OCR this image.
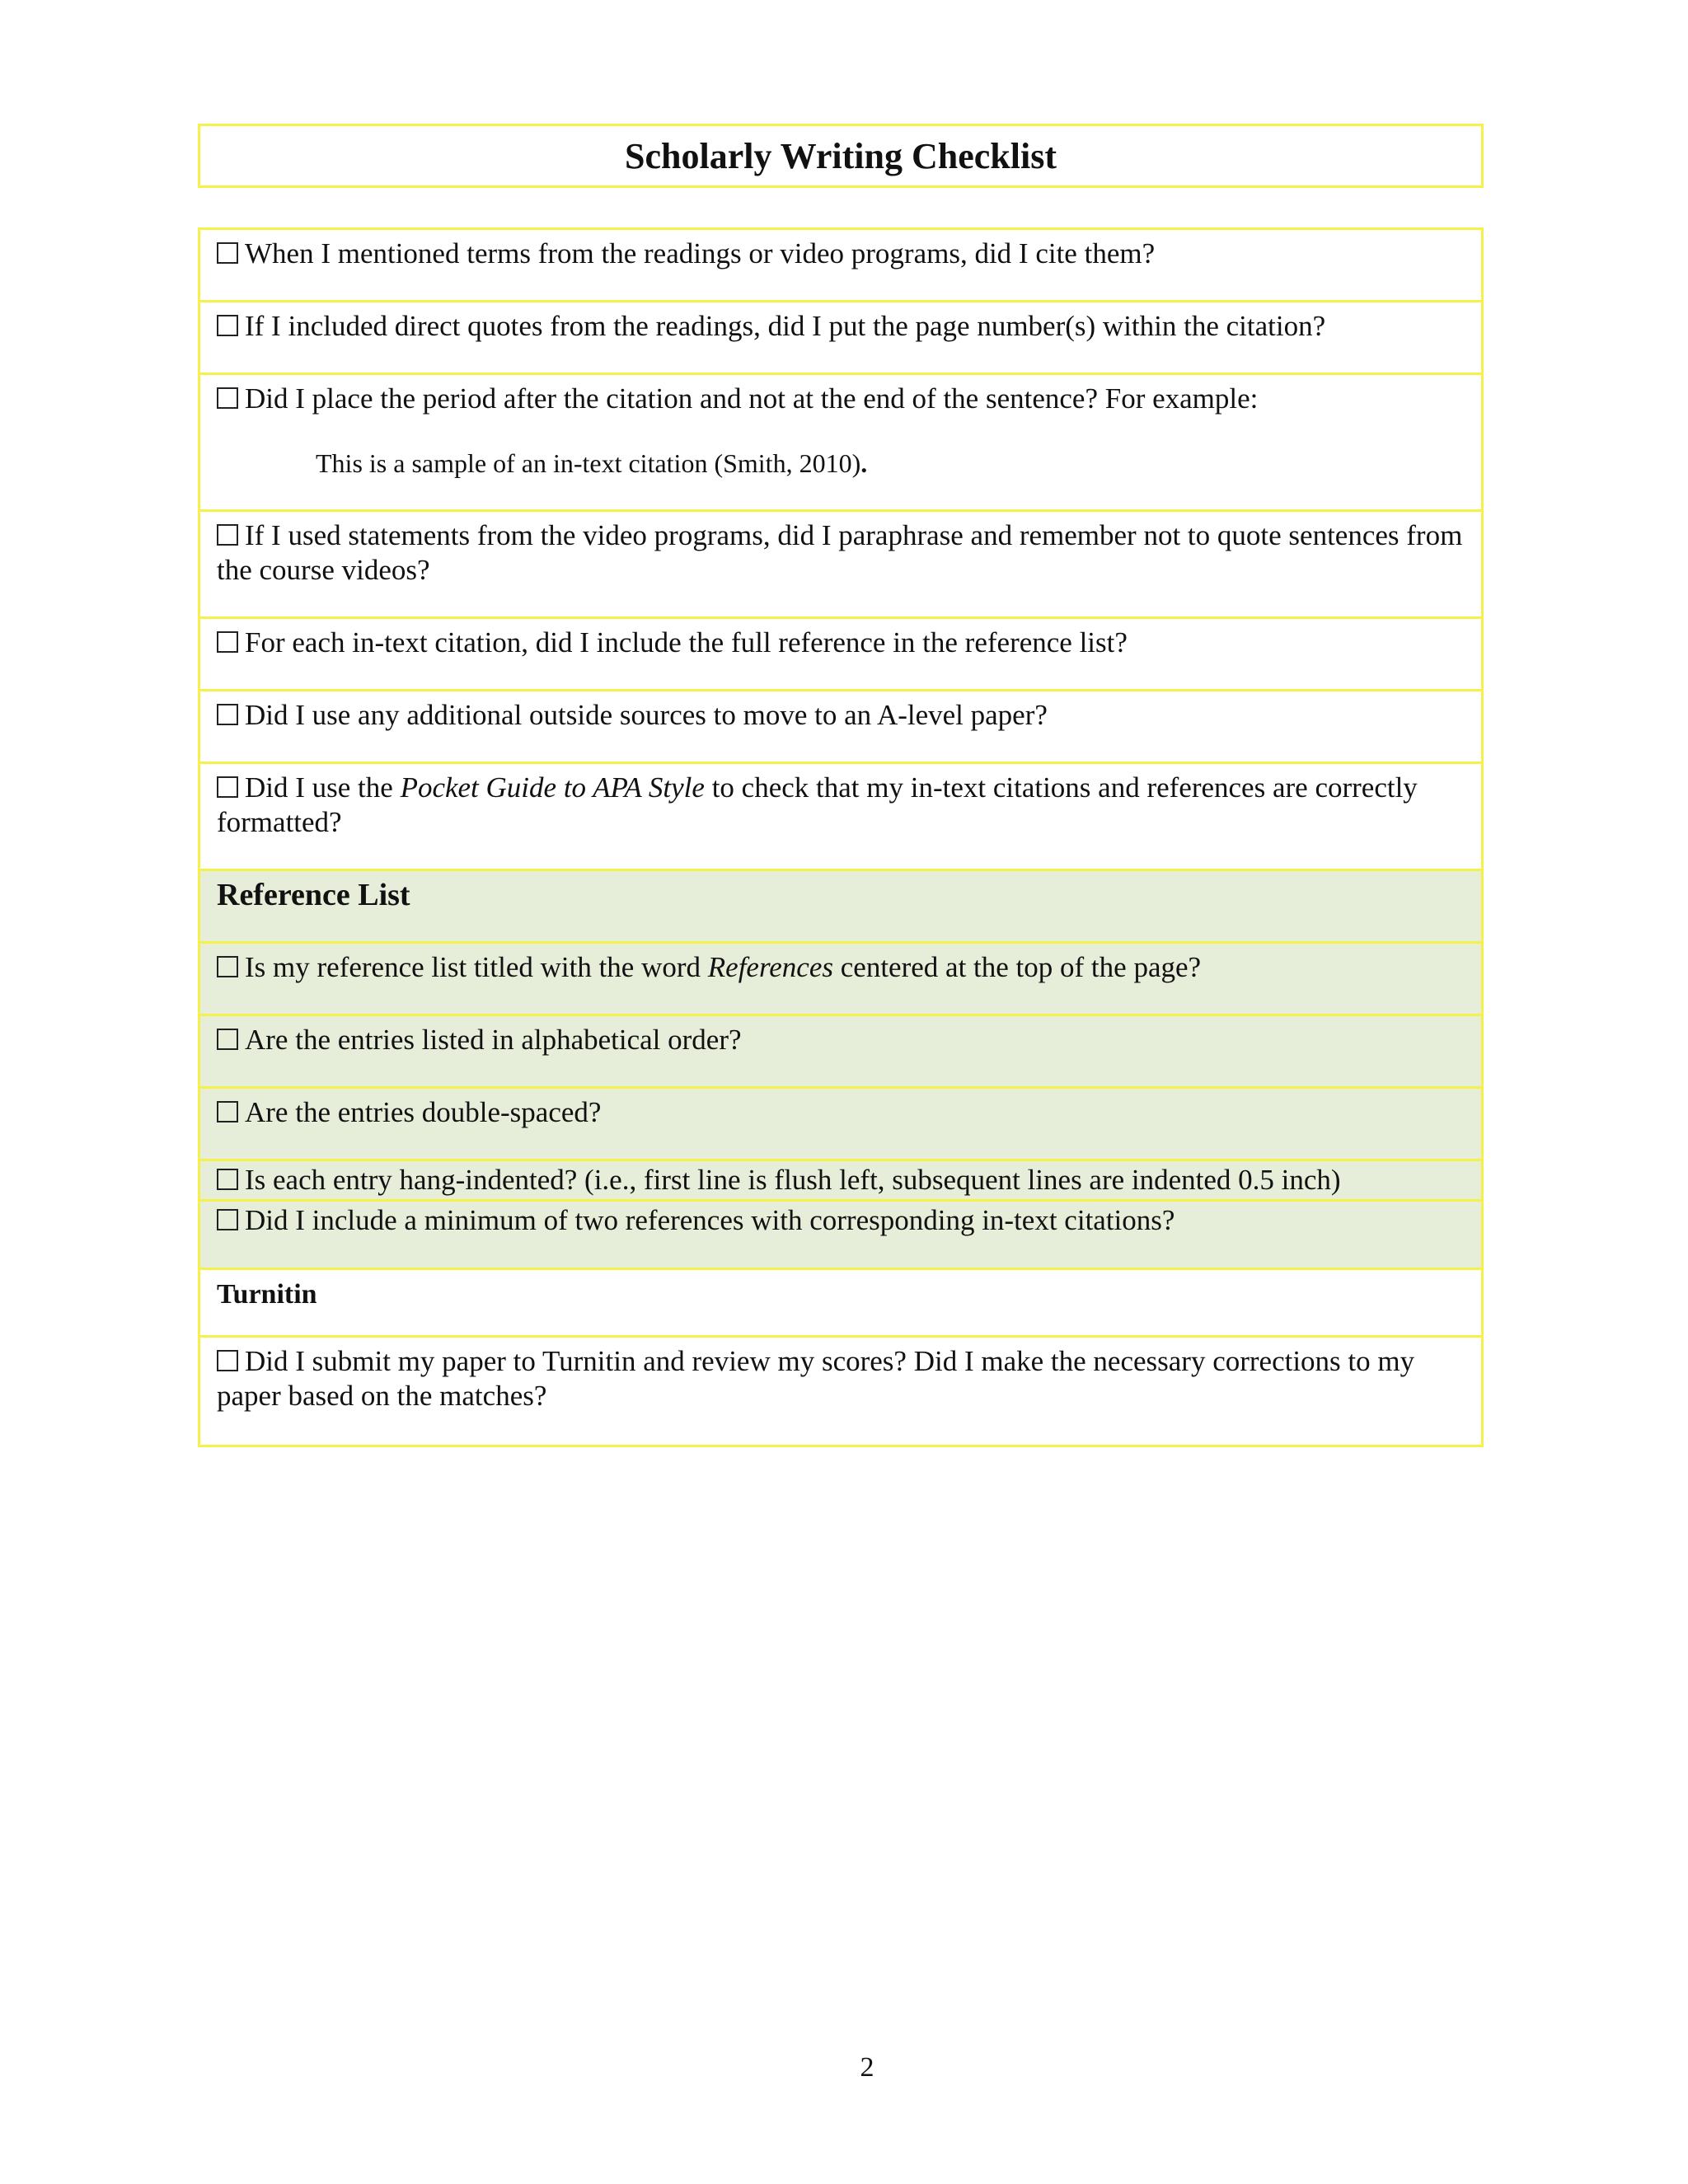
Scholarly Writing Checklist
When I mentioned terms from the readings or video programs, did I cite them?
If I included direct quotes from the readings, did I put the page number(s) within the citation?
Did I place the period after the citation and not at the end of the sentence? For example:
This is a sample of an in-text citation (Smith, 2010).
If I used statements from the video programs, did I paraphrase and remember not to quote sentences from the course videos?
For each in-text citation, did I include the full reference in the reference list?
Did I use any additional outside sources to move to an A-level paper?
Did I use the Pocket Guide to APA Style to check that my in-text citations and references are correctly formatted?
Reference List
Is my reference list titled with the word References centered at the top of the page?
Are the entries listed in alphabetical order?
Are the entries double-spaced?
Is each entry hang-indented? (i.e., first line is flush left, subsequent lines are indented 0.5 inch)
Did I include a minimum of two references with corresponding in-text citations?
Turnitin
Did I submit my paper to Turnitin and review my scores? Did I make the necessary corrections to my paper based on the matches?
2
